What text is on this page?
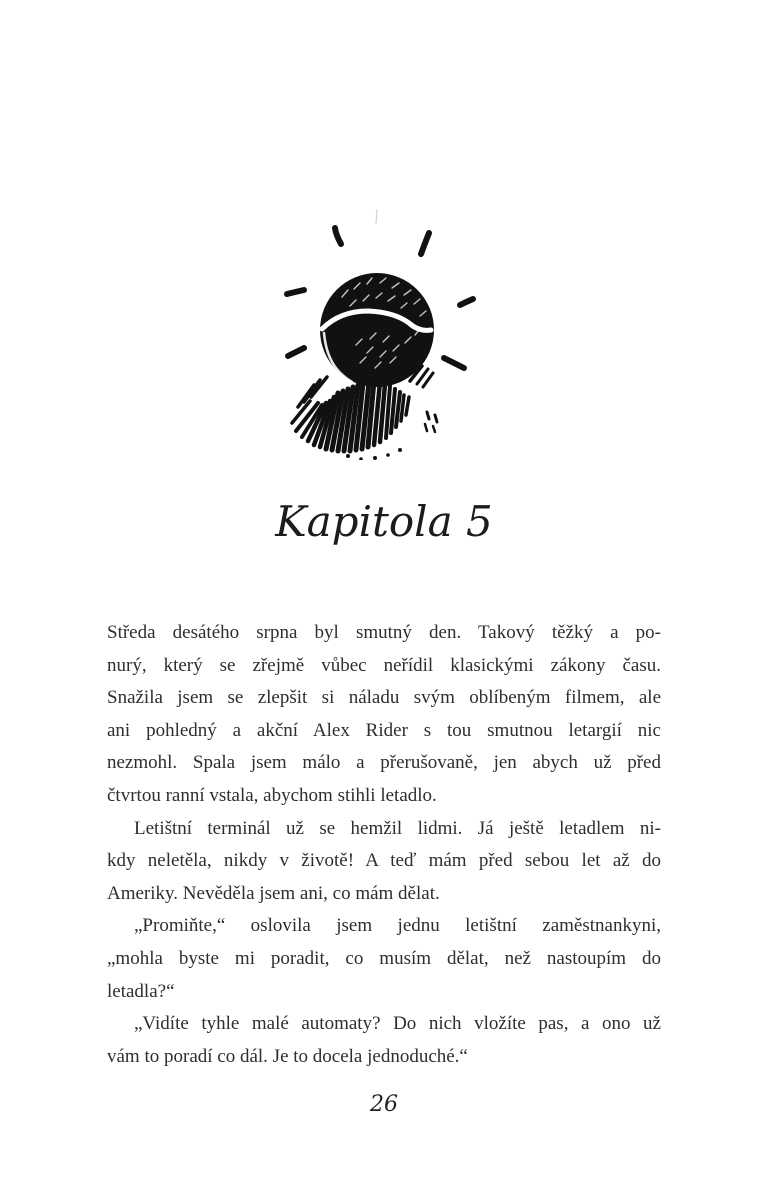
Kapitola 5
Středa desátého srpna byl smutný den. Takový těžký a po-
nurý, který se zřejmě vůbec neřídil klasickými zákony času.
Snažila jsem se zlepšit si náladu svým oblíbeným filmem, ale
ani pohledný a akční Alex Rider s tou smutnou letargií nic
nezmohl. Spala jsem málo a přerušovaně, jen abych už před
čtvrtou ranní vstala, abychom stihli letadlo.
Letištní terminál už se hemžil lidmi. Já ještě letadlem ni-
kdy neletěla, nikdy v životě! A teď mám před sebou let až do
Ameriky. Nevěděla jsem ani, co mám dělat.
„Promiňte,“ oslovila jsem jednu letištní zaměstnankyni,
„mohla byste mi poradit, co musím dělat, než nastoupím do
letadla?“
„Vidíte tyhle malé automaty? Do nich vložíte pas, a ono už
vám to poradí co dál. Je to docela jednoduché.“
26
